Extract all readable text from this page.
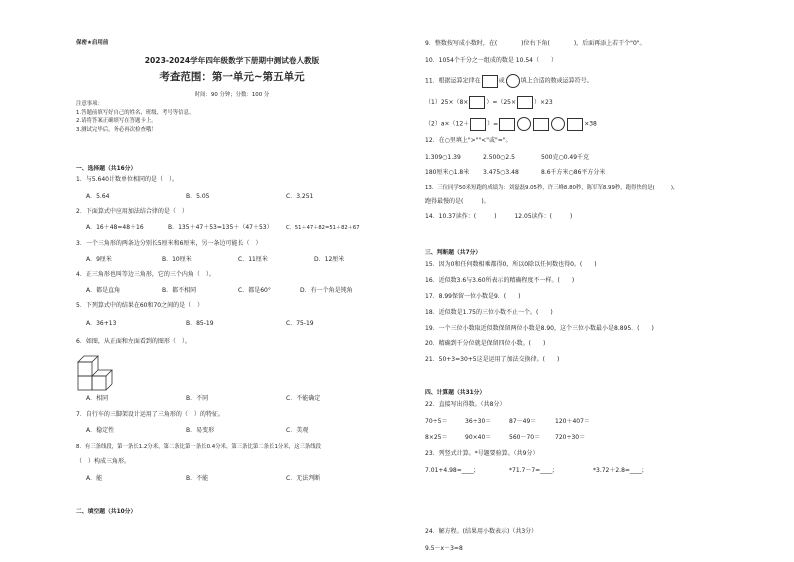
保密★启用前
2023-2024学年四年级数学下册期中测试卷人教版
考查范围：第一单元~第五单元
时间：90 分钟；分数：100 分
注意事项：
1.答题前填写好自己的姓名、班级、考号等信息。
2.请将答案正确填写在答题卡上。
3.测试完毕后，务必再次检查哦！
一、选择题（共16分）
1．与5.640计数单位相同的是（　）。
A．5.64	B．5.05	C．3.251
2．下面算式中应用加法结合律的是（　）
A．16＋48=48＋16	B．135＋47＋53=135＋（47＋53）	C．51＋47＋82=51＋82＋67
3．一个三角形的两条边分别长5厘米和6厘米，另一条边可能长（　）
A．9厘米	B．10厘米	C．11厘米	D．12厘米
4．正三角形也叫等边三角形，它的三个内角（　）。
A．都是直角	B．都不相同	C．都是60°	D．有一个角是钝角
5．下列算式中的结果在60和70之间的是（　）
A．36+13	B．85-19	C．75-19
6．如图，从正面和左面看到的图形（　）。
A．相同	B．不同	C．不能确定
7．自行车的三脚架设计运用了三角形的（　）的特征。
A．稳定性	B．易变形	C．美观
8．有三条线段，第一条长1.2分米，第二条比第一条长0.4分米，第三条比第二条长1分米，这三条线段
（　）构成三角形。
A．能	B．不能	C．无法判断
二、填空题（共10分）
9．整数按写成小数时，在(　　　　)位右下角(　　　　)，后面再添上若干个"0"。
10．1054个千分之一组成的数是 10.54（　　）
11．根据运算定律在	或	填上合适的数或运算符号。
（1）25×（8×	）=（25×	）×23
（2）a×（12＋	）=	×38
12．在○里填上">""<"或"="。
1.309○1.39	2.500○2.5	500克○0.49千克
180厘米○1.8米 3.475○3.48	8.6千方米○86平方分米
13．三位同学50米短跑的成绩为：刘磊磊9.05秒，许三峰8.80秒，陈军军8.99秒，跑得快的是(　　　)，
跑得最慢的是(　　　)。
14．10.37读作：(　　　)　　　12.05读作：(　　　)
三、判断题（共7分）
15．因为0和任何数相乘都得0，所以0除以任何数也得0。(　　)
16．近似数3.6与3.60所表示的精确程度不一样。(　　)
17．8.99保留一位小数是9．(　　)
18．近似数是1.75的三位小数不止一个。(　　)
19．一个三位小数取近似数保留两位小数是8.90，这个三位小数最小是8.895．(　　)
20．精确到千分位就是保留四位小数。(　　)
21．50+3=30+5这是运用了加法交换律。(　　)
四、计算题（共31分）
22．直接写出得数。（共8分）
70÷5＝	36÷30＝	87－49＝	120＋407＝
8×25＝	90×40＝	560－70＝ 720÷30＝
23．列竖式计算。*号题要验算。（共9分）
7.01+4.98=____;	*71.7－7=____;	*3.72＋2.8=____;
24．解方程。(结果用小数表示)（共3分）
9.5－x－3=8
